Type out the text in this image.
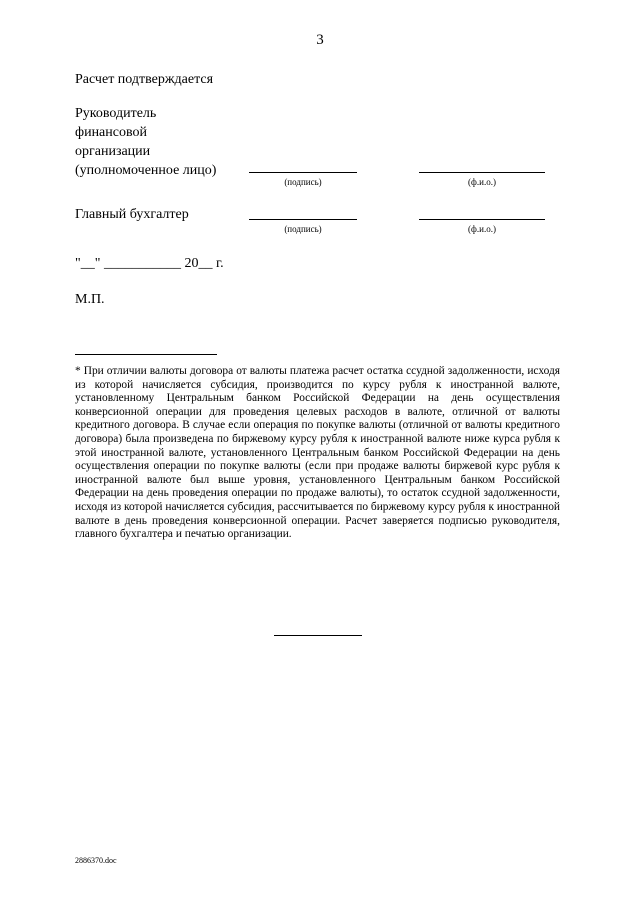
3
Расчет подтверждается
Руководитель
финансовой
организации
(уполномоченное лицо)
(подпись)	(ф.и.о.)
Главный бухгалтер
(подпись)	(ф.и.о.)
"__" ___________ 20__ г.
М.П.
* При отличии валюты договора от валюты платежа расчет остатка ссудной задолженности, исходя из которой начисляется субсидия, производится по курсу рубля к иностранной валюте, установленному Центральным банком Российской Федерации на день осуществления конверсионной операции для проведения целевых расходов в валюте, отличной от валюты кредитного договора. В случае если операция по покупке валюты (отличной от валюты кредитного договора) была произведена по биржевому курсу рубля к иностранной валюте ниже курса рубля к этой иностранной валюте, установленного Центральным банком Российской Федерации на день осуществления операции по покупке валюты (если при продаже валюты биржевой курс рубля к иностранной валюте был выше уровня, установленного Центральным банком Российской Федерации на день проведения операции по продаже валюты), то остаток ссудной задолженности, исходя из которой начисляется субсидия, рассчитывается по биржевому курсу рубля к иностранной валюте в день проведения конверсионной операции. Расчет заверяется подписью руководителя, главного бухгалтера и печатью организации.
2886370.doc
